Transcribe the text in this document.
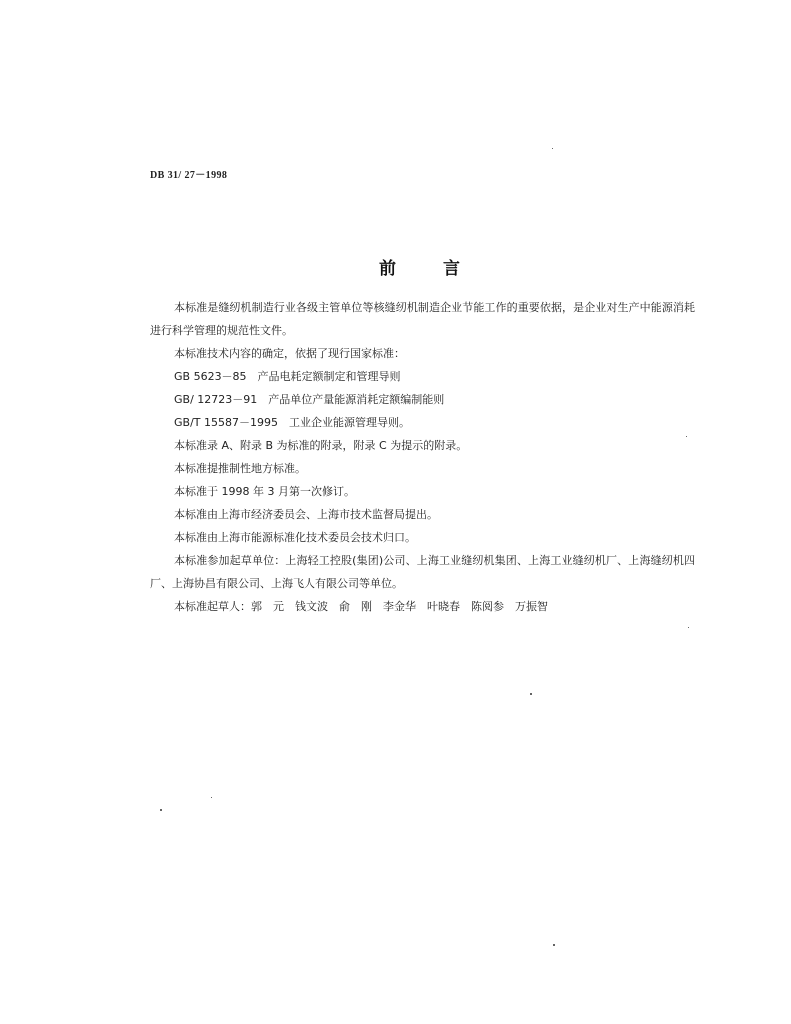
DB 31/ 27－1998
前言

本标准是缝纫机制造行业各级主管单位等核缝纫机制造企业节能工作的重要依据，是企业对生产中能源消耗进行科学管理的规范性文件。

本标准技术内容的确定，依据了现行国家标准：

GB 5623－85　产品电耗定额制定和管理导则

GB/ 12723－91　产品单位产量能源消耗定额编制能则

GB/T 15587－1995　工业企业能源管理导则。

本标准录 A、附录 B 为标准的附录，附录 C 为提示的附录。

本标准提推制性地方标准。

本标准于 1998 年 3 月第一次修订。

本标准由上海市经济委员会、上海市技术监督局提出。

本标准由上海市能源标准化技术委员会技术归口。

本标准参加起草单位：上海轻工控股(集团)公司、上海工业缝纫机集团、上海工业缝纫机厂、上海缝纫机四厂、上海协昌有限公司、上海飞人有限公司等单位。

本标准起草人：郭　元　钱文波　俞　刚　李金华　叶晓春　陈阅参　万振智
